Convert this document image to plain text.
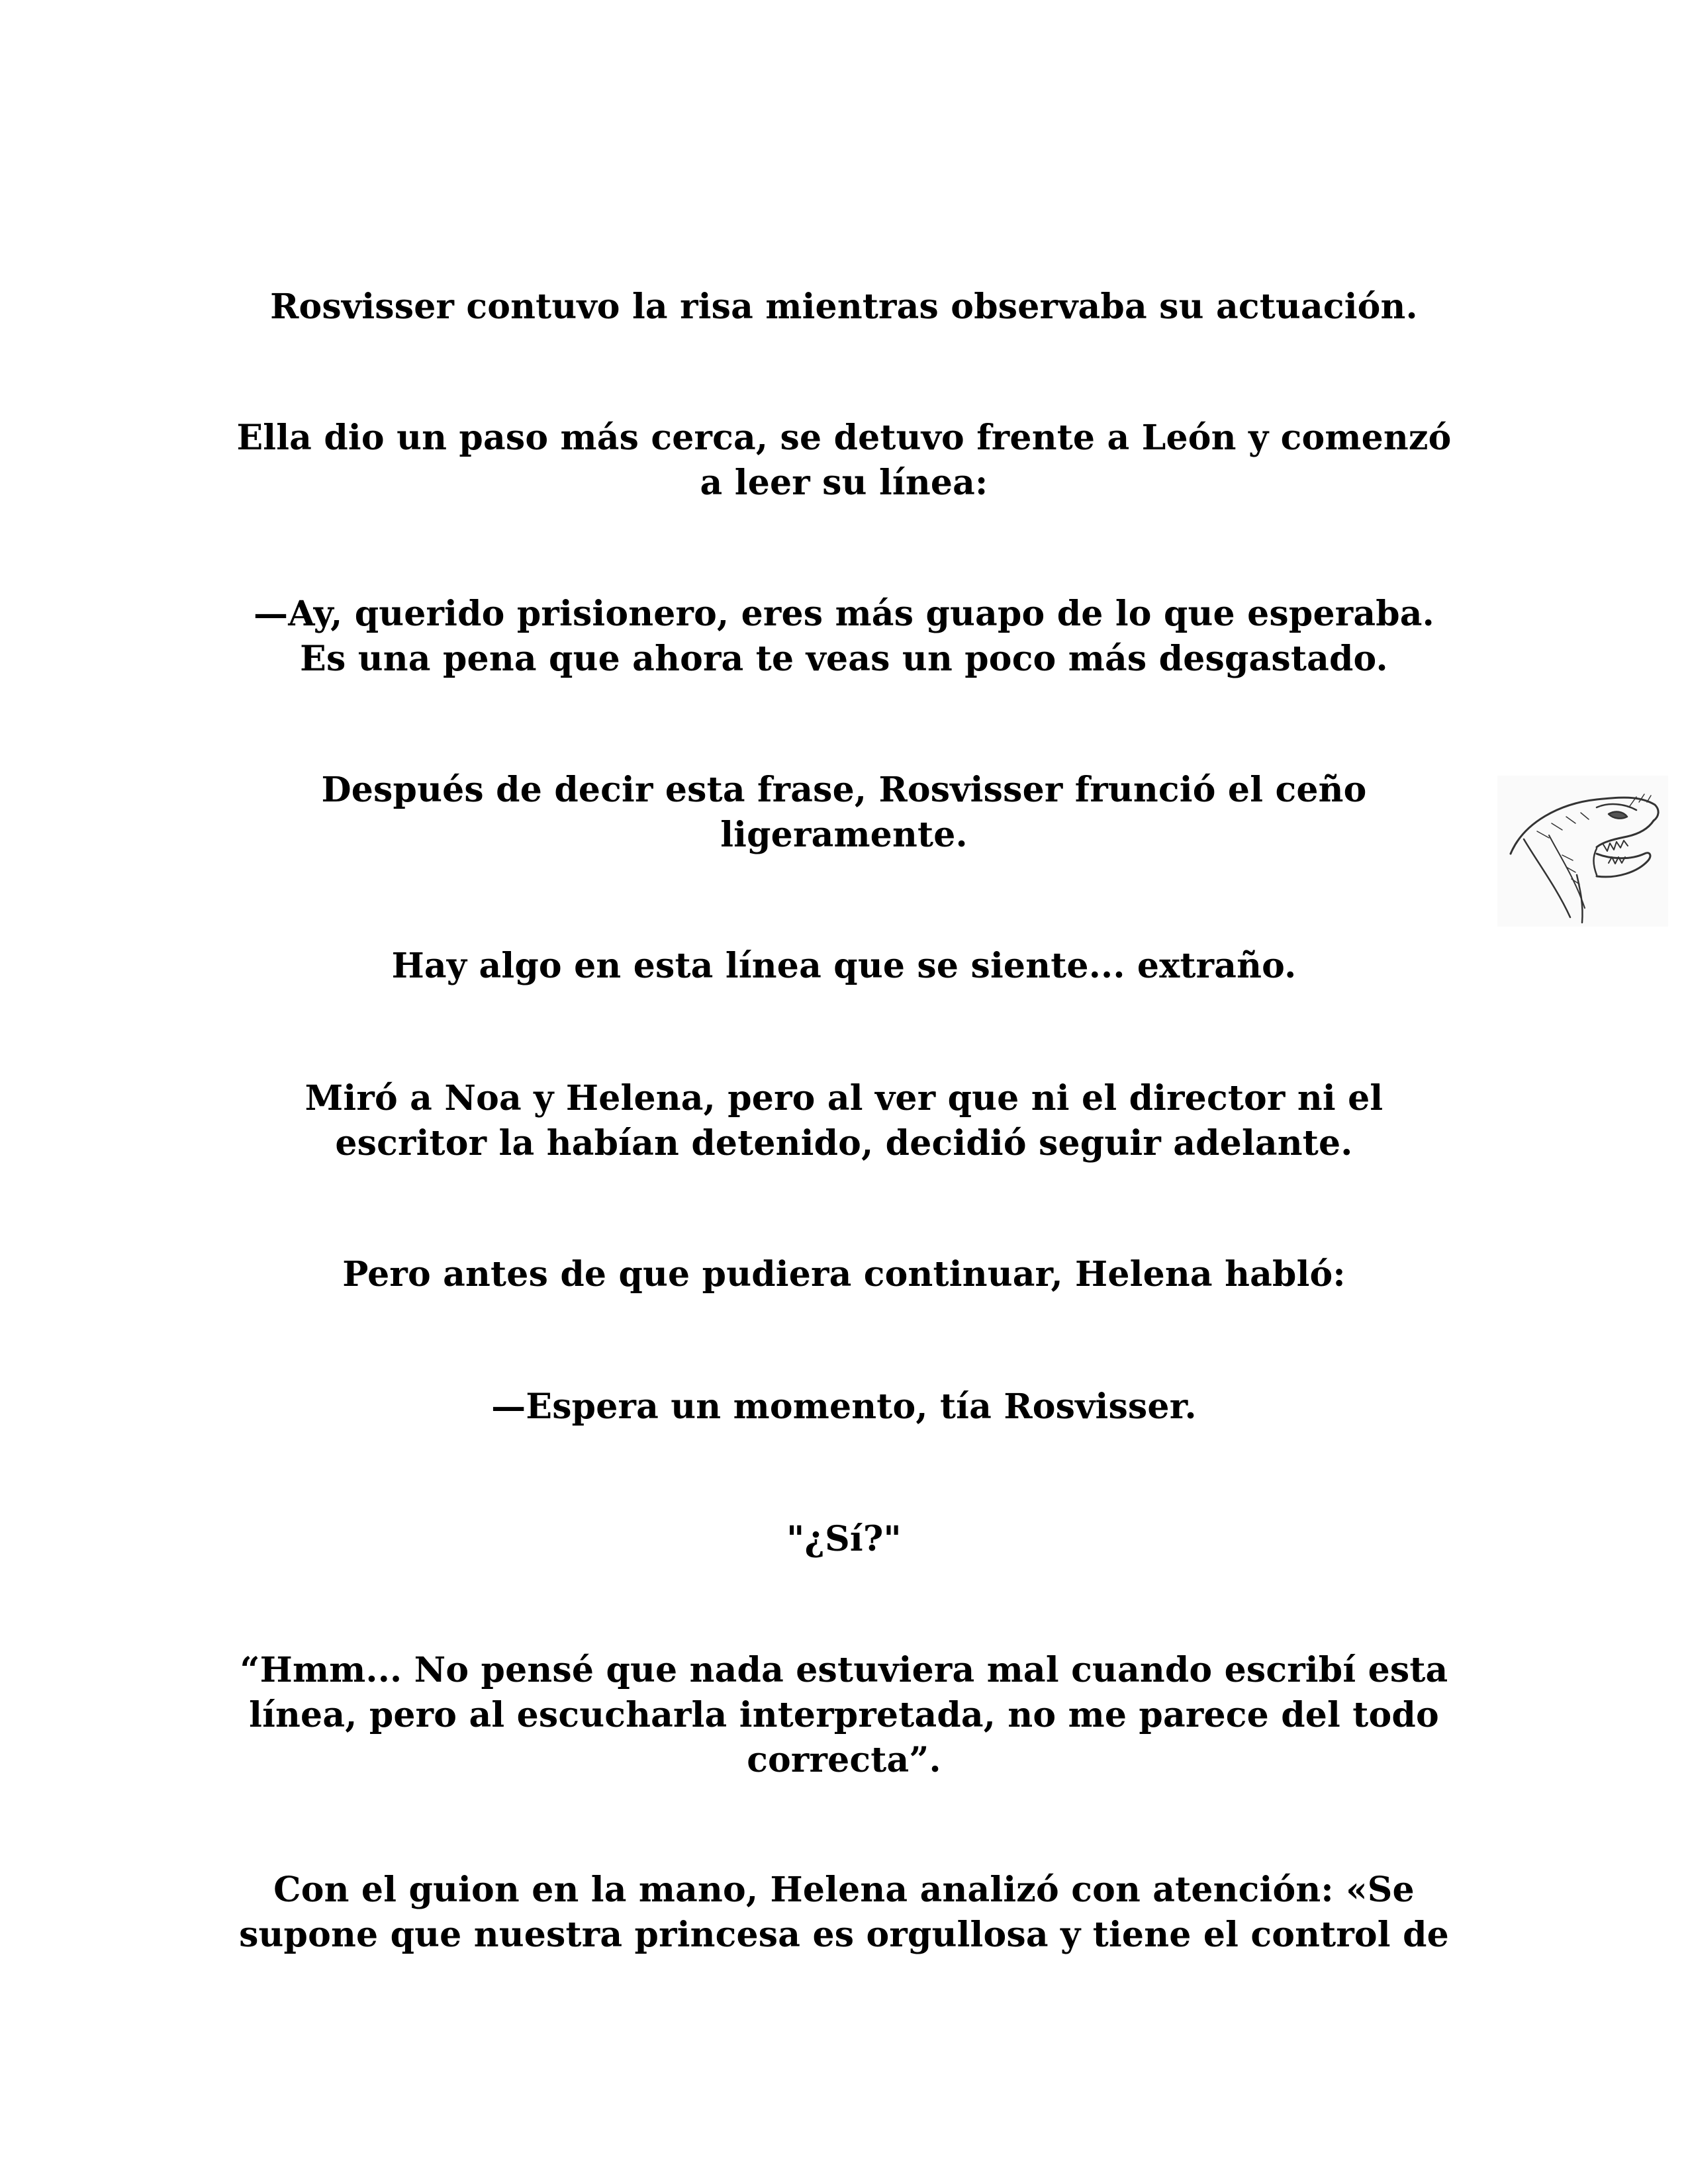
Rosvisser contuvo la risa mientras observaba su actuación.

Ella dio un paso más cerca, se detuvo frente a León y comenzó
a leer su línea:

—Ay, querido prisionero, eres más guapo de lo que esperaba.
Es una pena que ahora te veas un poco más desgastado.

Después de decir esta frase, Rosvisser frunció el ceño
ligeramente.

Hay algo en esta línea que se siente... extraño.

Miró a Noa y Helena, pero al ver que ni el director ni el
escritor la habían detenido, decidió seguir adelante.

Pero antes de que pudiera continuar, Helena habló:

—Espera un momento, tía Rosvisser.

"¿Sí?"

“Hmm... No pensé que nada estuviera mal cuando escribí esta
línea, pero al escucharla interpretada, no me parece del todo
correcta”.

Con el guion en la mano, Helena analizó con atención: «Se
supone que nuestra princesa es orgullosa y tiene el control de
